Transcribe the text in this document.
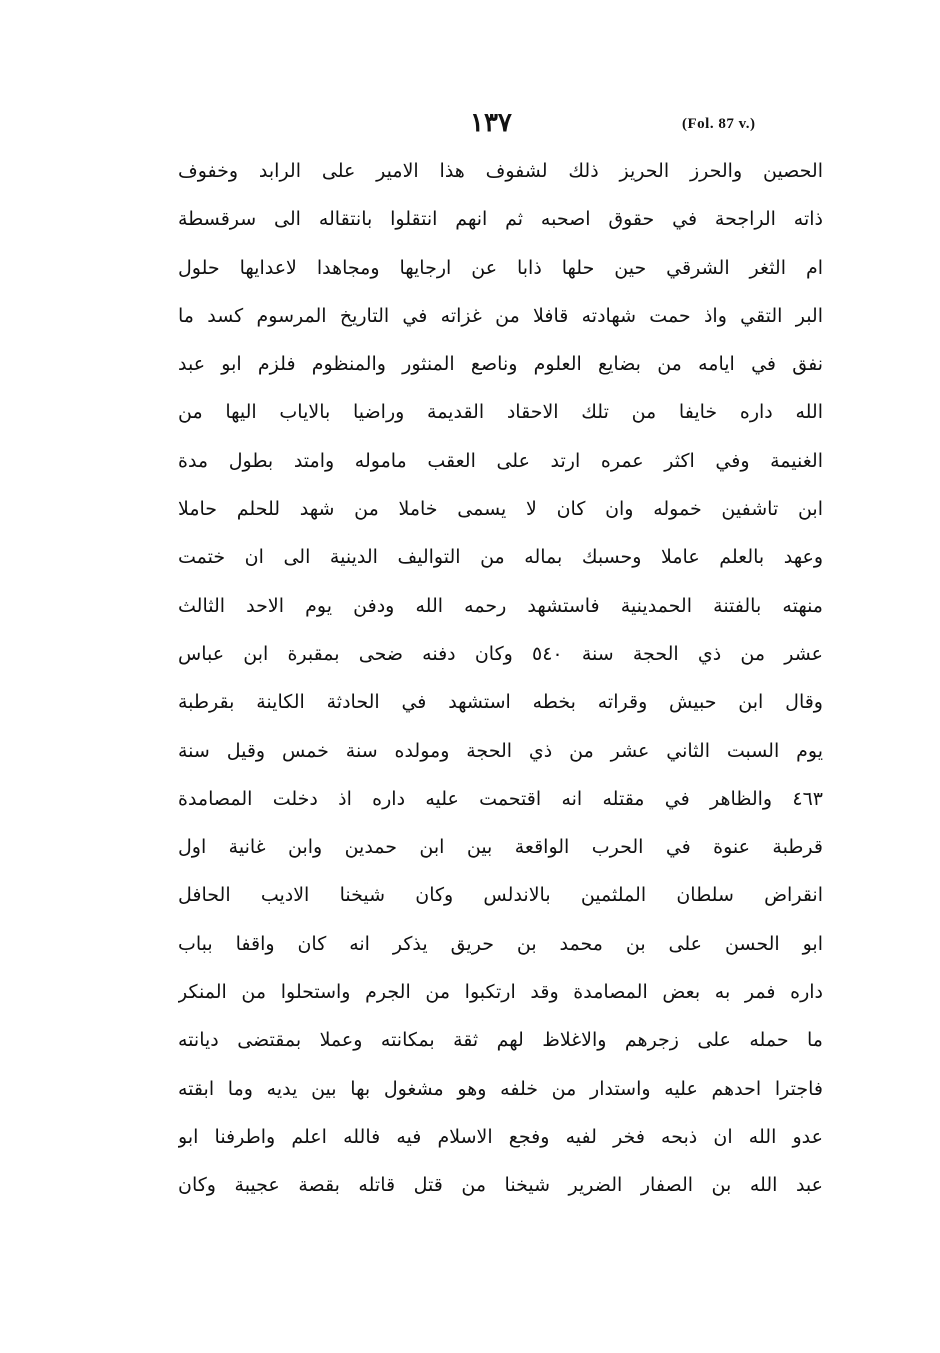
١٣٧	(Fol. 87 v.)
الحصين والحرز الحريز ذلك لشفوف هذا الامير على الرابد وخفوف
ذاته الراجحة في حقوق اصحبه ثم انهم انتقلوا بانتقاله الى سرقسطة
ام الثغر الشرقي حين حلها ذابا عن ارجايها ومجاهدا لاعدايها حلول
البر التقي واذ حمت شهادته قافلا من غزاته في التاريخ المرسوم كسد ما
نفق في ايامه من بضايع العلوم وناصع المنثور والمنظوم فلزم ابو عبد
الله داره خايفا من تلك الاحقاد القديمة وراضيا بالاياب اليها من
الغنيمة وفي اكثر عمره ارتد على العقب ماموله وامتد بطول مدة
ابن تاشفين خموله وان كان لا يسمى خاملا من شهد للحلم حاملا
وعهد بالعلم عاملا وحسبك بماله من التواليف الدينية الى ان ختمت
منهته بالفتنة الحمدينية فاستشهد رحمه الله ودفن يوم الاحد الثالث
عشر من ذي الحجة سنة ٥٤٠ وكان دفنه ضحى بمقبرة ابن عباس
وقال ابن حبيش وقراته بخطه استشهد في الحادثة الكاينة بقرطبة
يوم السبت الثاني عشر من ذي الحجة ومولده سنة خمس وقيل سنة
٤٦٣ والظاهر في مقتله انه اقتحمت عليه داره اذ دخلت المصامدة
قرطبة عنوة في الحرب الواقعة بين ابن حمدين وابن غانية اول
انقراض سلطان الملثمين بالاندلس وكان شيخنا الاديب الحافل
ابو الحسن على بن محمد بن حريق يذكر انه كان واقفا بباب
داره فمر به بعض المصامدة وقد ارتكبوا من الجرم واستحلوا من المنكر
ما حمله على زجرهم والاغلاظ لهم ثقة بمكانته وعملا بمقتضى ديانته
فاجترا احدهم عليه واستدار من خلفه وهو مشغول بها بين يديه وما ابقته
عدو الله ان ذبحه فخر لفيه وفجع الاسلام فيه فالله اعلم واطرفنا ابو
عبد الله بن الصفار الضرير شيخنا من قتل قاتله بقصة عجيبة وكان
